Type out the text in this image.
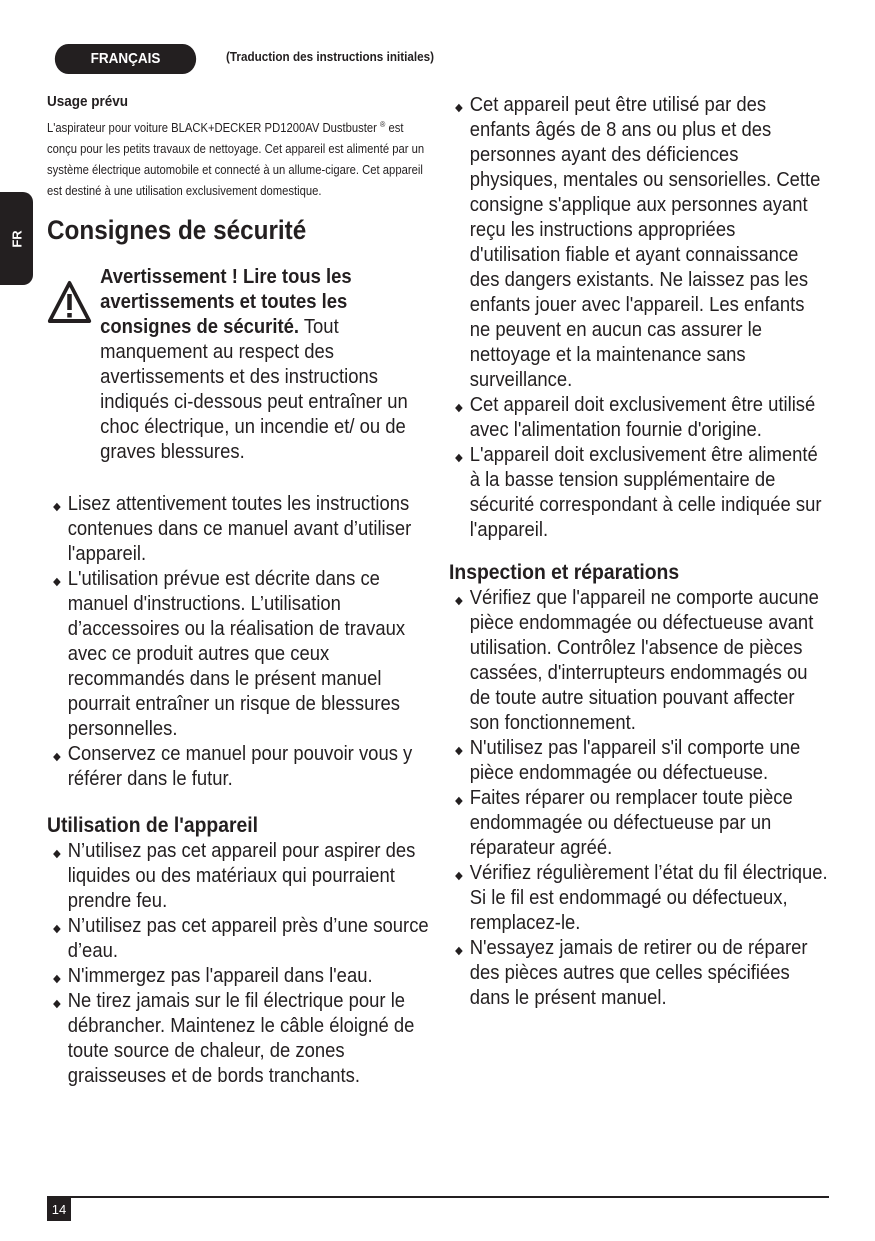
FRANÇAIS	(Traduction des instructions initiales)
FR
Usage prévu

L'aspirateur pour voiture BLACK+DECKER PD1200AV Dustbuster ® est conçu pour les petits travaux de nettoyage. Cet appareil est alimenté par un système électrique automobile et connecté à un allume-cigare. Cet appareil est destiné à une utilisation exclusivement domestique.

Consignes de sécurité

Avertissement ! Lire tous les avertissements et toutes les consignes de sécurité. Tout manquement au respect des avertissements et des instructions indiqués ci-dessous peut entraîner un choc électrique, un incendie et/ ou de graves blessures.

Lisez attentivement toutes les instructions contenues dans ce manuel avant d’utiliser l'appareil.
L'utilisation prévue est décrite dans ce manuel d'instructions. L’utilisation d’accessoires ou la réalisation de travaux avec ce produit autres que ceux recommandés dans le présent manuel pourrait entraîner un risque de blessures personnelles.
Conservez ce manuel pour pouvoir vous y référer dans le futur.
Utilisation de l'appareil
N’utilisez pas cet appareil pour aspirer des liquides ou des matériaux qui pourraient prendre feu.
N’utilisez pas cet appareil près d’une source d’eau.
N'immergez pas l'appareil dans l'eau.
Ne tirez jamais sur le fil électrique pour le débrancher. Maintenez le câble éloigné de toute source de chaleur, de zones graisseuses et de bords tranchants.
Cet appareil peut être utilisé par des enfants âgés de 8 ans ou plus et des personnes ayant des déficiences physiques, mentales ou sensorielles. Cette consigne s'applique aux personnes ayant reçu les instructions appropriées d'utilisation fiable et ayant connaissance des dangers existants. Ne laissez pas les enfants jouer avec l'appareil. Les enfants ne peuvent en aucun cas assurer le nettoyage et la maintenance sans surveillance.
Cet appareil doit exclusivement être utilisé avec l'alimentation fournie d'origine.
L'appareil doit exclusivement être alimenté à la basse tension supplémentaire de sécurité correspondant à celle indiquée sur l'appareil.
Inspection et réparations
Vérifiez que l'appareil ne comporte aucune pièce endommagée ou défectueuse avant utilisation. Contrôlez l'absence de pièces cassées, d'interrupteurs endommagés ou de toute autre situation pouvant affecter son fonctionnement.
N'utilisez pas l'appareil s'il comporte une pièce endommagée ou défectueuse.
Faites réparer ou remplacer toute pièce endommagée ou défectueuse par un réparateur agréé.
Vérifiez régulièrement l’état du fil électrique. Si le fil est endommagé ou défectueux, remplacez-le.
N'essayez jamais de retirer ou de réparer des pièces autres que celles spécifiées dans le présent manuel.
14
